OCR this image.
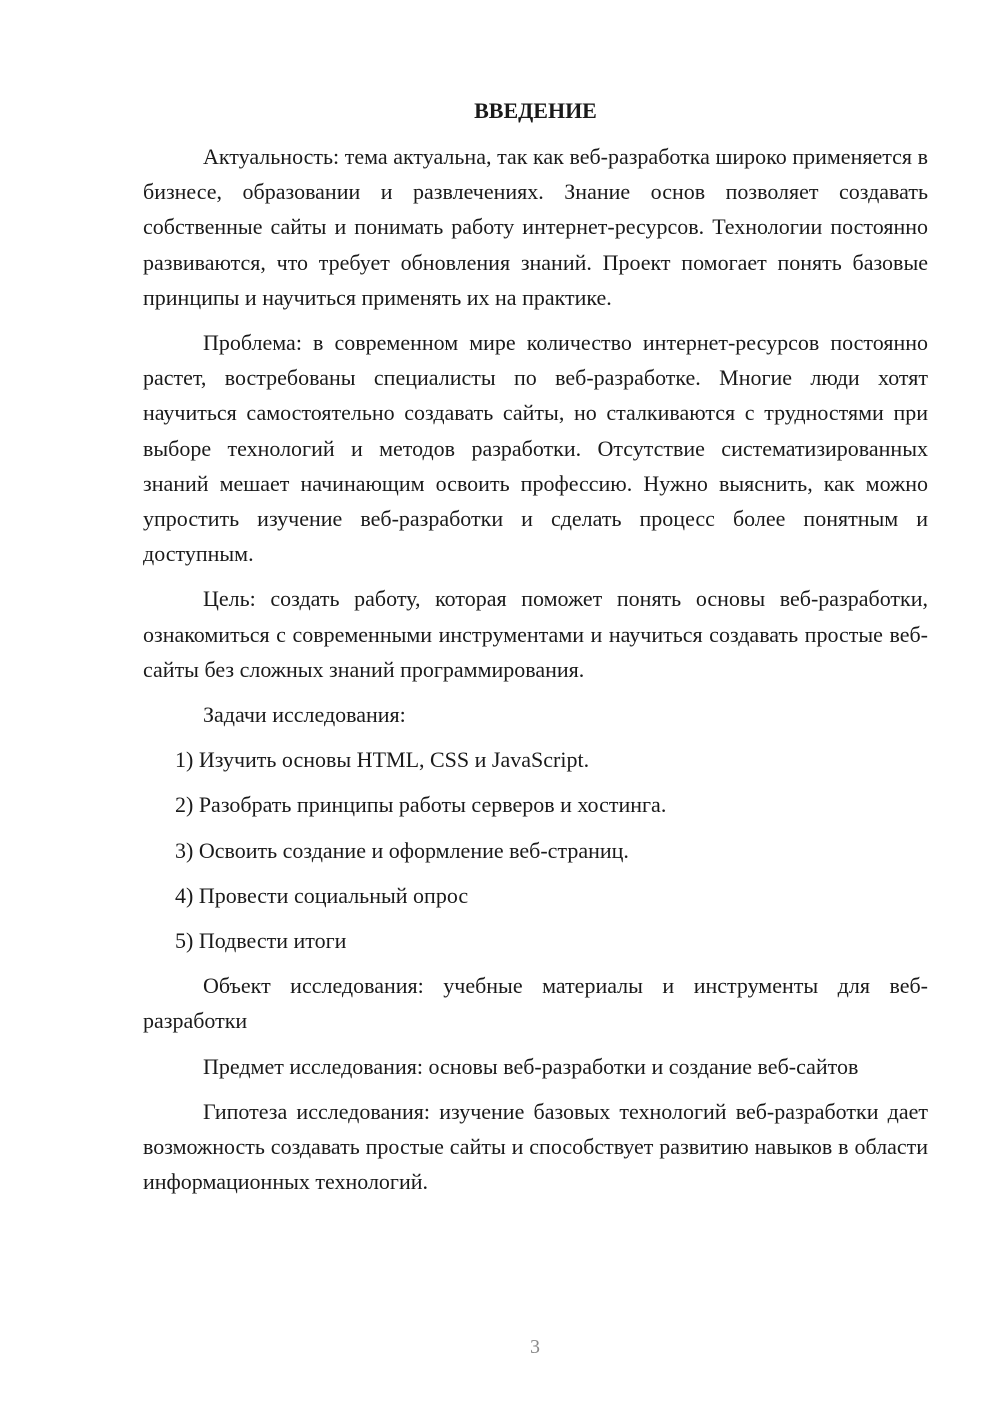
ВВЕДЕНИЕ

Актуальность: тема актуальна, так как веб-разработка широко применяется в бизнесе, образовании и развлечениях. Знание основ позволяет создавать собственные сайты и понимать работу интернет-ресурсов. Технологии постоянно развиваются, что требует обновления знаний. Проект помогает понять базовые принципы и научиться применять их на практике.

Проблема: в современном мире количество интернет-ресурсов постоянно растет, востребованы специалисты по веб-разработке. Многие люди хотят научиться самостоятельно создавать сайты, но сталкиваются с трудностями при выборе технологий и методов разработки. Отсутствие систематизированных знаний мешает начинающим освоить профессию. Нужно выяснить, как можно упростить изучение веб-разработки и сделать процесс более понятным и доступным.

Цель: создать работу, которая поможет понять основы веб-разработки, ознакомиться с современными инструментами и научиться создавать простые веб-сайты без сложных знаний программирования.

Задачи исследования:

1) Изучить основы HTML, CSS и JavaScript.
2) Разобрать принципы работы серверов и хостинга.
3) Освоить создание и оформление веб-страниц.
4) Провести социальный опрос
5) Подвести итоги

Объект исследования: учебные материалы и инструменты для веб-разработки

Предмет исследования: основы веб-разработки и создание веб-сайтов

Гипотеза исследования: изучение базовых технологий веб-разработки дает возможность создавать простые сайты и способствует развитию навыков в области информационных технологий.

3
